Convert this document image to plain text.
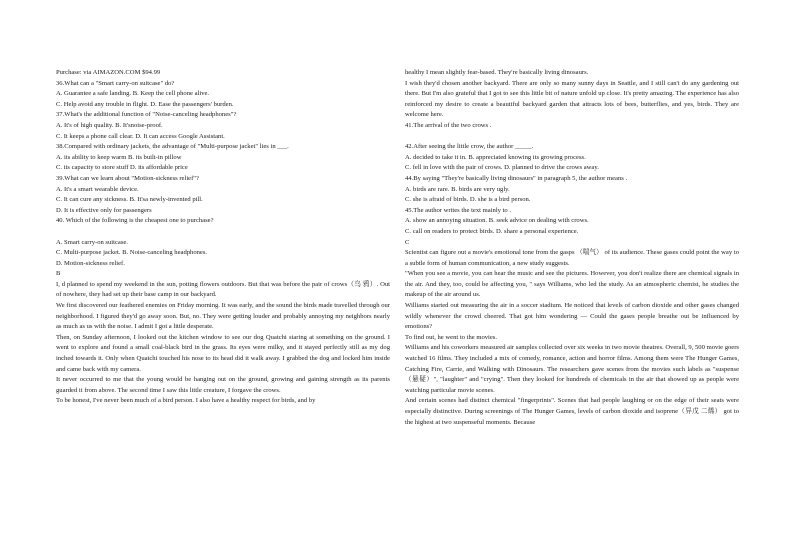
Purchase: via AIMAZON.COM $94.99
36.What can a "Smart carry-on suitcase" do?
A. Guarantee a safe landing. B. Keep the cell phone alive.
C. Help avoid any trouble in flight. D. Ease the passengers' burden.
37.What's the additional function of "Noise-canceling headphones"?
A. It's of high quality. B. It'snoise-proof.
C. It keeps a phone call clear. D. It can access Google Assistant.
38.Compared with ordinary jackets, the advantage of "Multi-purpose jacket" lies in ___.
A. its ability to keep warm B. its built-in pillow
C. its capacity to store stuff D. its affordable price
39.What can we learn about "Motion-sickness relief"?
A. It's a smart wearable device.
C. It can cure any sickness. B. It'sa newly-invented pill.
D. It is effective only for passengers
40. Which of the following is the cheapest one to purchase?
A. Smart carry-on suitcase.
C. Multi-purpose jacket. B. Noise-canceling headphones.
D. Motion-sickness relief.
B
I, d planned to spend my weekend in the sun, potting flowers outdoors. But that was before the pair of crows（乌 鸦）. Out of nowhere, they had set up their base camp in our backyard.
We first discovered our feathered enemies on Friday morning. It was early, and the sound the birds made travelled through our neighborhood. I figured they'd go away soon. But, no. They were getting louder and probably annoying my neighbors nearly as much as us with the noise. I admit I got a little desperate.
Then, on Sunday afternoon, I looked out the kitchen window to see our dog Quatchi staring at something on the ground. I went to explore and found a small coal-black bird in the grass. Its eyes were milky, and it stayed perfectly still as my dog inched towards it. Only when Quatchi touched his nose to its head did it walk away. I grabbed the dog and locked him inside and came back with my camera.
It never occurred to me that the young would be hanging out on the ground, growing and gaining strength as its parents guarded it from above. The second time I saw this little creature, I forgave the crows.
To be honest, I've never been much of a bird person. I also have a healthy respect for birds, and by
healthy I mean slightly fear-based. They're basically living dinosaurs.
I wish they'd chosen another backyard. There are only so many sunny days in Seattle, and I still can't do any gardening out there. But I'm also grateful that I got to see this little bit of nature unfold up close. It's pretty amazing. The experience has also reinforced my desire to create a beautiful backyard garden that attracts lots of bees, butterflies, and yes, birds. They are welcome here.
41.The arrival of the two crows .
42.After seeing the little crow, the author _____.
A. decided to take it in. B. appreciated knowing its growing process.
C. fell in love with the pair of crows. D. planned to drive the crows away.
44.By saying "They're basically living dinosaurs" in paragraph 5, the author means .
A. birds are rare. B. birds are very ugly.
C. she is afraid of birds. D. she is a bird person.
45.The author writes the text mainly to .
A. show an annoying situation. B. seek advice on dealing with crows.
C. call on readers to protect birds. D. share a personal experience.
C
Scientist can figure out a movie's emotional tone from the gasps （喘气） of its audience. These gases could point the way to a subtle form of human communication, a new study suggests.
"When you see a movie, you can hear the music and see the pictures. However, you don't realize there are chemical signals in the air. And they, too, could be affecting you, " says Williams, who led the study. As an atmospheric chemist, he studies the makeup of the air around us.
Williams started out measuring the air in a soccer stadium. He noticed that levels of carbon dioxide and other gases changed wildly whenever the crowd cheered. That got him wondering — Could the gases people breathe out be influenced by emotions?
To find out, he went to the movies.
Williams and his coworkers measured air samples collected over six weeks in two movie theatres. Overall, 9, 500 movie goers watched 16 films. They included a mix of comedy, romance, action and horror films. Among them were The Hunger Games, Catching Fire, Carrie, and Walking with Dinosaurs. The researchers gave scenes from the movies such labels as "suspense （悬疑）", "laughter" and "crying". Then they looked for hundreds of chemicals in the air that showed up as people were watching particular movie scenes.
And certain scenes had distinct chemical "fingerprints". Scenes that had people laughing or on the edge of their seats were especially distinctive. During screenings of The Hunger Games, levels of carbon dioxide and isoprene（异戊 二烯） got to the highest at two suspenseful moments. Because
